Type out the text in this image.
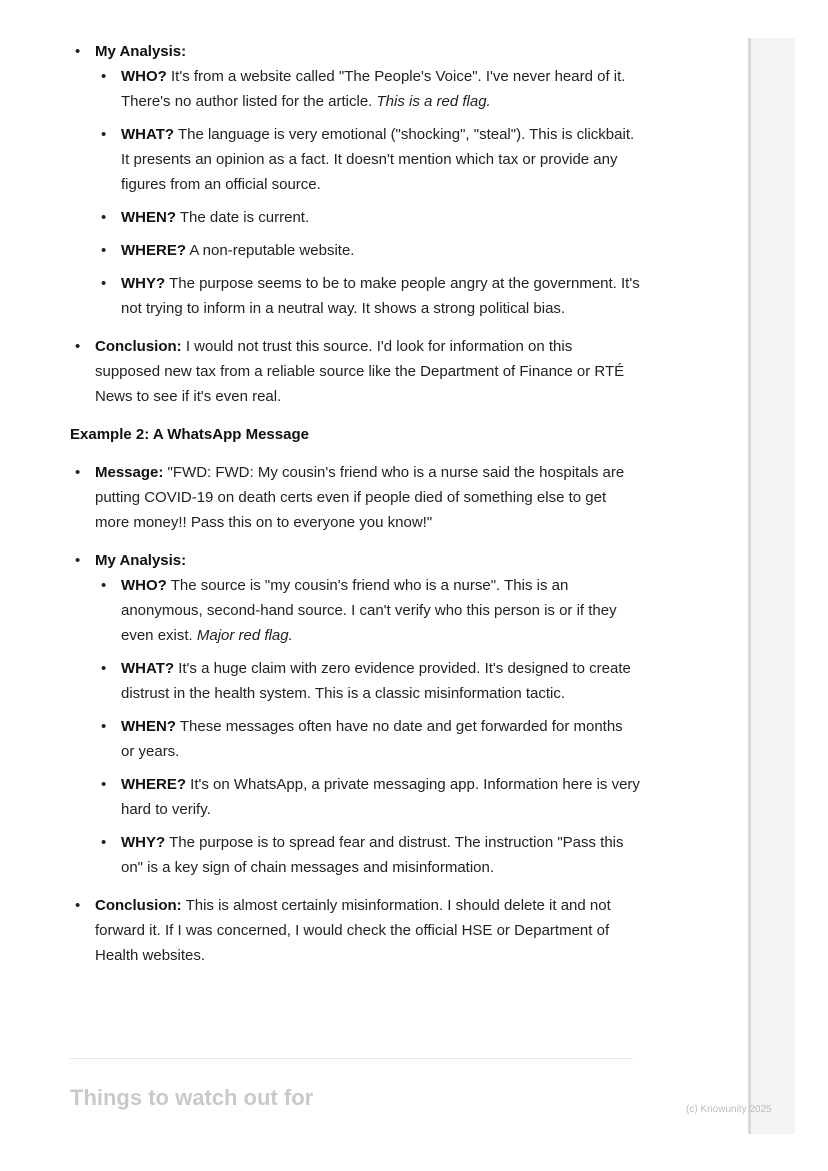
• My Analysis:
• WHO? It's from a website called "The People's Voice". I've never heard of it. There's no author listed for the article. This is a red flag.
• WHAT? The language is very emotional ("shocking", "steal"). This is clickbait. It presents an opinion as a fact. It doesn't mention which tax or provide any figures from an official source.
• WHEN? The date is current.
• WHERE? A non-reputable website.
• WHY? The purpose seems to be to make people angry at the government. It's not trying to inform in a neutral way. It shows a strong political bias.
• Conclusion: I would not trust this source. I'd look for information on this supposed new tax from a reliable source like the Department of Finance or RTÉ News to see if it's even real.
Example 2: A WhatsApp Message
• Message: "FWD: FWD: My cousin's friend who is a nurse said the hospitals are putting COVID-19 on death certs even if people died of something else to get more money!! Pass this on to everyone you know!"
• My Analysis:
• WHO? The source is "my cousin's friend who is a nurse". This is an anonymous, second-hand source. I can't verify who this person is or if they even exist. Major red flag.
• WHAT? It's a huge claim with zero evidence provided. It's designed to create distrust in the health system. This is a classic misinformation tactic.
• WHEN? These messages often have no date and get forwarded for months or years.
• WHERE? It's on WhatsApp, a private messaging app. Information here is very hard to verify.
• WHY? The purpose is to spread fear and distrust. The instruction "Pass this on" is a key sign of chain messages and misinformation.
• Conclusion: This is almost certainly misinformation. I should delete it and not forward it. If I was concerned, I would check the official HSE or Department of Health websites.
Things to watch out for	(c) Knowunity 2025
